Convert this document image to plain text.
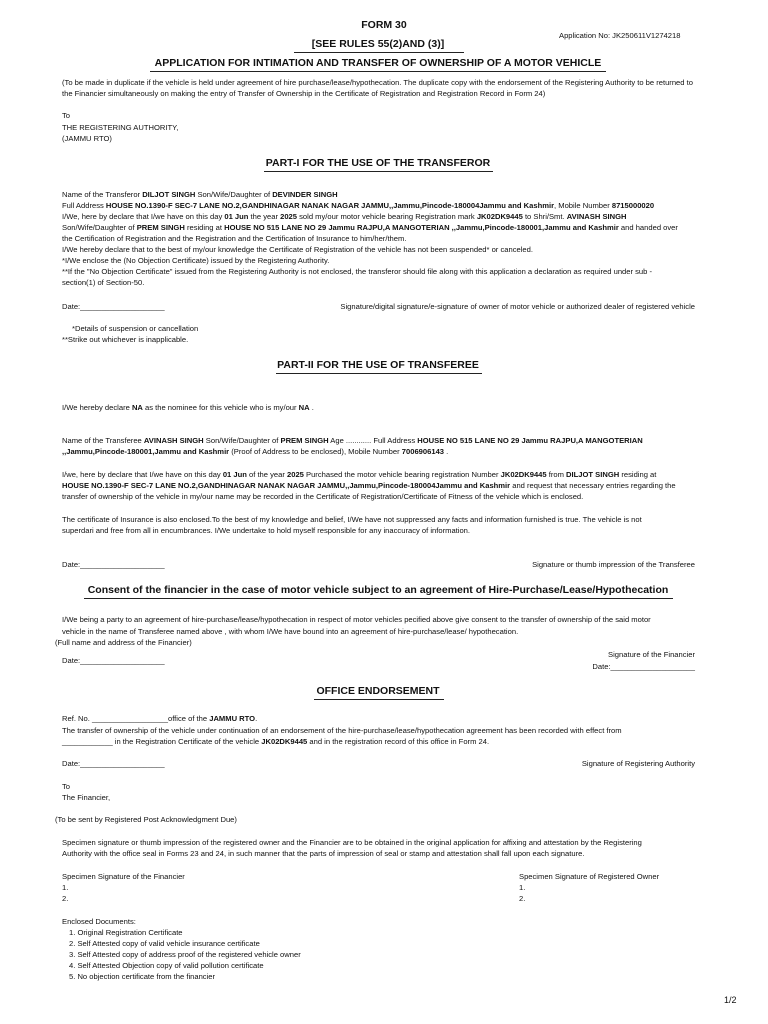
FORM 30
Application No: JK250611V1274218
[SEE RULES 55(2)AND (3)]
APPLICATION FOR INTIMATION AND TRANSFER OF OWNERSHIP OF A MOTOR VEHICLE
(To be made in duplicate if the vehicle is held under agreement of hire purchase/lease/hypothecation. The duplicate copy with the endorsement of the Registering Authority to be returned to the Financier simultaneously on making the entry of Transfer of Ownership in the Certificate of Registration and Registration Record in Form 24)
To
THE REGISTERING AUTHORITY,
(JAMMU RTO)
PART-I FOR THE USE OF THE TRANSFEROR
Name of the Transferor DILJOT SINGH Son/Wife/Daughter of DEVINDER SINGH
Full Address HOUSE NO.1390-F SEC-7 LANE NO.2,GANDHINAGAR NANAK NAGAR JAMMU,,Jammu,Pincode-180004Jammu and Kashmir, Mobile Number 8715000020
I/We, here by declare that I/we have on this day 01 Jun the year 2025 sold my/our motor vehicle bearing Registration mark JK02DK9445 to Shri/Smt. AVINASH SINGH
Son/Wife/Daughter of PREM SINGH residing at HOUSE NO 515 LANE NO 29 Jammu RAJPU,A MANGOTERIAN ,,Jammu,Pincode-180001,Jammu and Kashmir and handed over
the Certification of Registration and the Registration and the Certification of Insurance to him/her/them.
I/We hereby declare that to the best of my/our knowledge the Certificate of Registration of the vehicle has not been suspended* or canceled.
*I/We enclose the (No Objection Certificate) issued by the Registering Authority.
**If the "No Objection Certificate" issued from the Registering Authority is not enclosed, the transferor should file along with this application a declaration as required under sub -
section(1) of Section-50.
Date:____________________	Signature/digital signature/e-signature of owner of motor vehicle or authorized dealer of registered vehicle
*Details of suspension or cancellation
**Strike out whichever is inapplicable.
PART-II FOR THE USE OF TRANSFEREE
I/We hereby declare NA as the nominee for this vehicle who is my/our NA .
Name of the Transferee AVINASH SINGH Son/Wife/Daughter of PREM SINGH Age ............ Full Address HOUSE NO 515 LANE NO 29 Jammu RAJPU,A MANGOTERIAN
,,Jammu,Pincode-180001,Jammu and Kashmir (Proof of Address to be enclosed), Mobile Number 7006906143 .
I/we, here by declare that I/we have on this day 01 Jun of the year 2025 Purchased the motor vehicle bearing registration Number JK02DK9445 from DILJOT SINGH residing at
HOUSE NO.1390-F SEC-7 LANE NO.2,GANDHINAGAR NANAK NAGAR JAMMU,,Jammu,Pincode-180004Jammu and Kashmir and request that necessary entries regarding the
transfer of ownership of the vehicle in my/our name may be recorded in the Certificate of Registration/Certificate of Fitness of the vehicle which is enclosed.
The certificate of Insurance is also enclosed.To the best of my knowledge and belief, I/We have not suppressed any facts and information furnished is true. The vehicle is not
superdari and free from all in encumbrances. I/We undertake to hold myself responsible for any inaccuracy of information.
Date:____________________	Signature or thumb impression of the Transferee
Consent of the financier in the case of motor vehicle subject to an agreement of Hire-Purchase/Lease/Hypothecation
I/We being a party to an agreement of hire-purchase/lease/hypothecation in respect of motor vehicles pecified above give consent to the transfer of ownership of the said motor
vehicle in the name of Transferee named above , with whom I/We have bound into an agreement of hire-purchase/lease/ hypothecation.
(Full name and address of the Financier)
Signature of the Financier
Date:____________________
Date:____________________
OFFICE ENDORSEMENT
Ref. No. __________________office of the JAMMU RTO.
The transfer of ownership of the vehicle under continuation of an endorsement of the hire-purchase/lease/hypothecation agreement has been recorded with effect from
____________ in the Registration Certificate of the vehicle JK02DK9445 and in the registration record of this office in Form 24.
Date:____________________	Signature of Registering Authority
To
The Financier,
(To be sent by Registered Post Acknowledgment Due)
Specimen signature or thumb impression of the registered owner and the Financier are to be obtained in the original application for affixing and attestation by the Registering
Authority with the office seal in Forms 23 and 24, in such manner that the parts of impression of seal or stamp and attestation shall fall upon each signature.
Specimen Signature of the Financier
1.
2.
Specimen Signature of Registered Owner
1.
2.
Enclosed Documents:
1. Original Registration Certificate
2. Self Attested copy of valid vehicle insurance certificate
3. Self Attested copy of address proof of the registered vehicle owner
4. Self Attested Objection copy of valid pollution certificate
5. No objection certificate from the financier
1/2
